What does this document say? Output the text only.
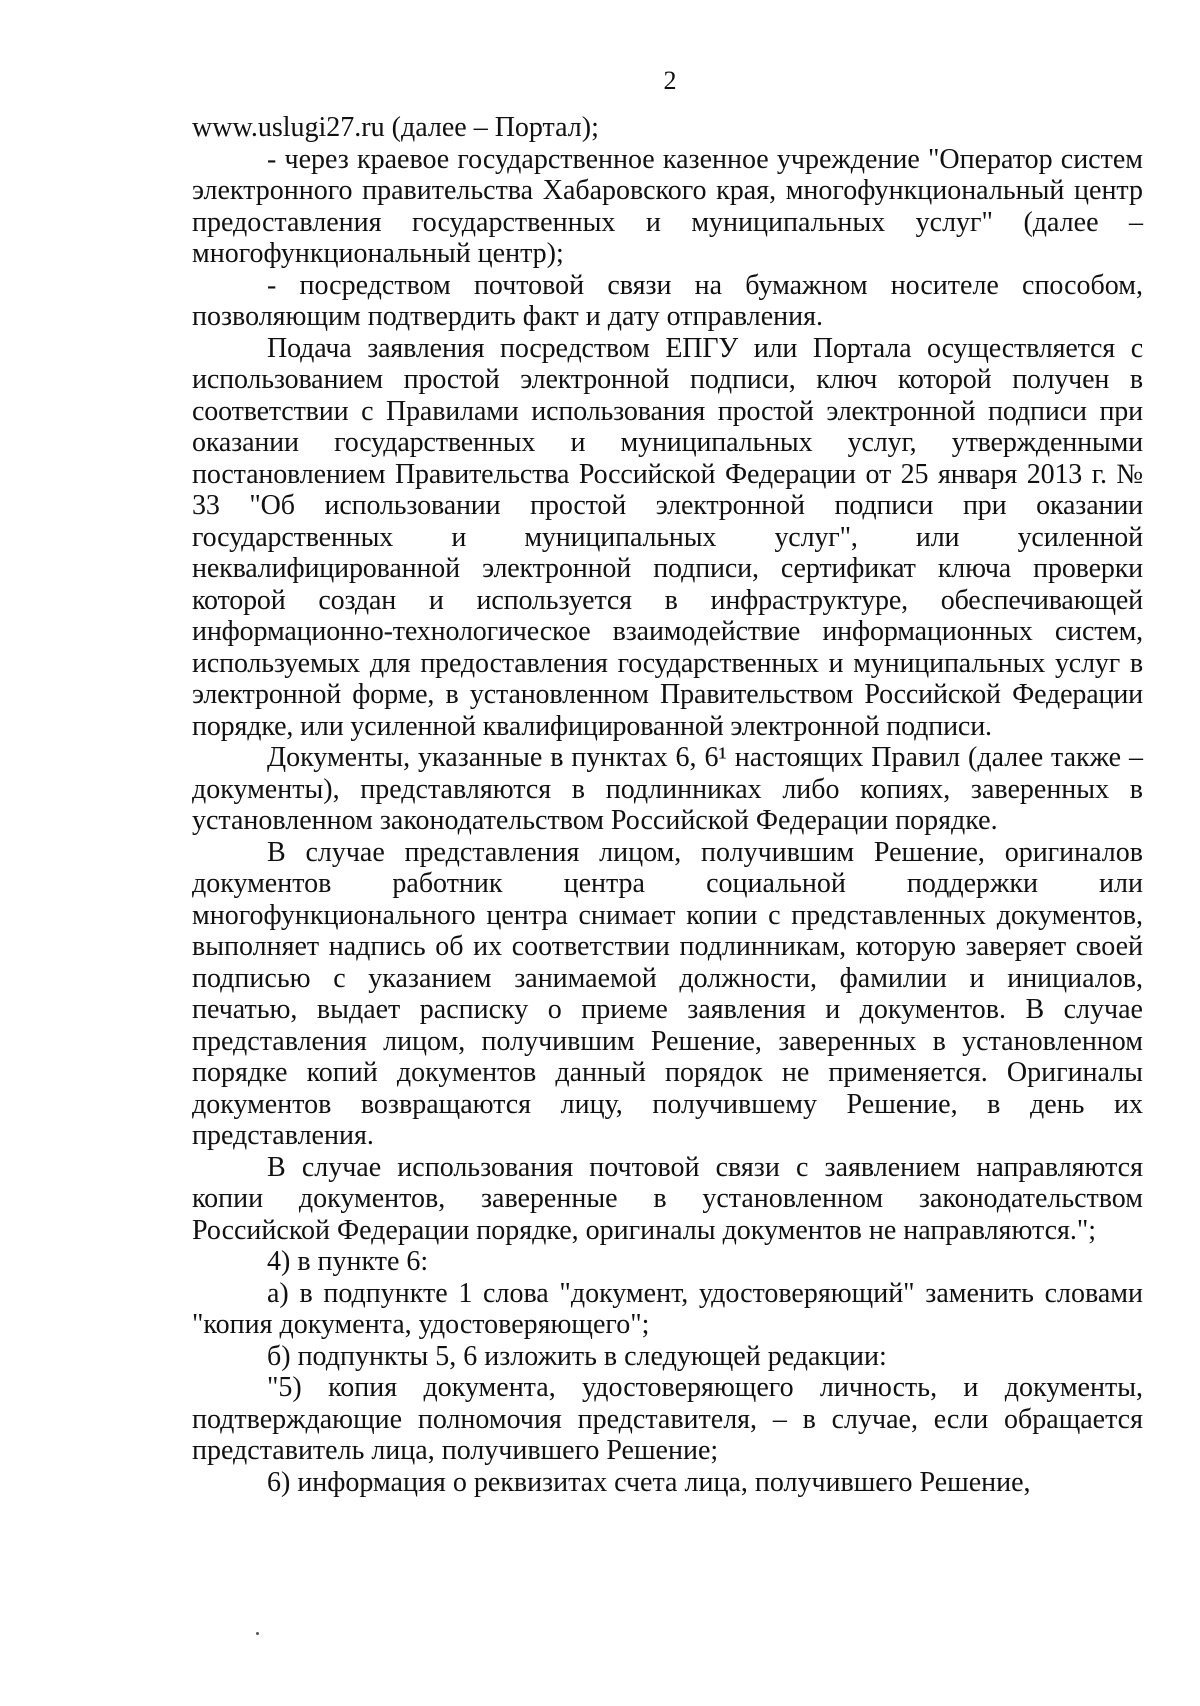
2

www.uslugi27.ru (далее – Портал);

- через краевое государственное казенное учреждение "Оператор систем электронного правительства Хабаровского края, многофункциональный центр предоставления государственных и муниципальных услуг" (далее – многофункциональный центр);

- посредством почтовой связи на бумажном носителе способом, позволяющим подтвердить факт и дату отправления.

Подача заявления посредством ЕПГУ или Портала осуществляется с использованием простой электронной подписи, ключ которой получен в соответствии с Правилами использования простой электронной подписи при оказании государственных и муниципальных услуг, утвержденными постановлением Правительства Российской Федерации от 25 января 2013 г. № 33 "Об использовании простой электронной подписи при оказании государственных и муниципальных услуг", или усиленной неквалифицированной электронной подписи, сертификат ключа проверки которой создан и используется в инфраструктуре, обеспечивающей информационно-технологическое взаимодействие информационных систем, используемых для предоставления государственных и муниципальных услуг в электронной форме, в установленном Правительством Российской Федерации порядке, или усиленной квалифицированной электронной подписи.

Документы, указанные в пунктах 6, 6¹ настоящих Правил (далее также – документы), представляются в подлинниках либо копиях, заверенных в установленном законодательством Российской Федерации порядке.

В случае представления лицом, получившим Решение, оригиналов документов работник центра социальной поддержки или многофункционального центра снимает копии с представленных документов, выполняет надпись об их соответствии подлинникам, которую заверяет своей подписью с указанием занимаемой должности, фамилии и инициалов, печатью, выдает расписку о приеме заявления и документов. В случае представления лицом, получившим Решение, заверенных в установленном порядке копий документов данный порядок не применяется. Оригиналы документов возвращаются лицу, получившему Решение, в день их представления.

В случае использования почтовой связи с заявлением направляются копии документов, заверенные в установленном законодательством Российской Федерации порядке, оригиналы документов не направляются.";

4) в пункте 6:

а) в подпункте 1 слова "документ, удостоверяющий" заменить словами "копия документа, удостоверяющего";

б) подпункты 5, 6 изложить в следующей редакции:

"5) копия документа, удостоверяющего личность, и документы, подтверждающие полномочия представителя, – в случае, если обращается представитель лица, получившего Решение;

6) информация о реквизитах счета лица, получившего Решение,
